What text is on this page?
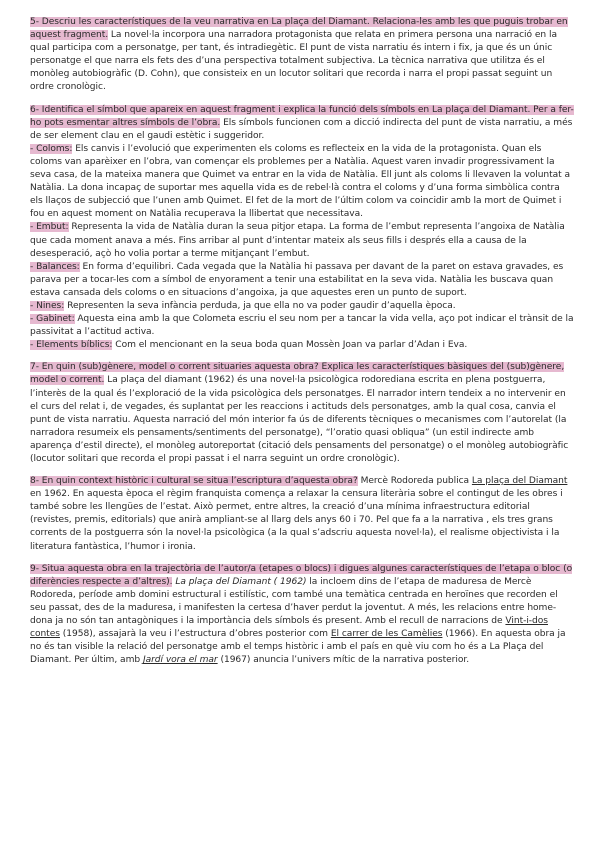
5- Descriu les característiques de la veu narrativa en La plaça del Diamant. Relaciona-les amb les que puguis trobar en aquest fragment. La novel·la incorpora una narradora protagonista que relata en primera persona una narració en la qual participa com a personatge, per tant, és intradiegètic. El punt de vista narratiu és intern i fix, ja que és un únic personatge el que narra els fets des d’una perspectiva totalment subjectiva. La tècnica narrativa que utilitza és el monòleg autobiogràfic (D. Cohn), que consisteix en un locutor solitari que recorda i narra el propi passat seguint un ordre cronològic.

6- Identifica el símbol que apareix en aquest fragment i explica la funció dels símbols en La plaça del Diamant. Per a fer-ho pots esmentar altres símbols de l’obra. Els símbols funcionen com a dicció indirecta del punt de vista narratiu, a més de ser element clau en el gaudi estètic i suggeridor.
- Coloms: Els canvis i l’evolució que experimenten els coloms es reflecteix en la vida de la protagonista. Quan els coloms van aparèixer en l’obra, van començar els problemes per a Natàlia. Aquest varen invadir progressivament la seva casa, de la mateixa manera que Quimet va entrar en la vida de Natàlia. Ell junt als coloms li llevaven la voluntat a Natàlia. La dona incapaç de suportar mes aquella vida es de rebel·là contra el coloms y d’una forma simbòlica contra els llaços de subjecció que l’unen amb Quimet. El fet de la mort de l’últim colom va coincidir amb la mort de Quimet i fou en aquest moment on Natàlia recuperava la llibertat que necessitava.
- Embut: Representa la vida de Natàlia duran la seua pitjor etapa. La forma de l’embut representa l’angoixa de Natàlia que cada moment anava a més. Fins arribar al punt d’intentar mateix als seus fills i després ella a causa de la desesperació, açò ho volia portar a terme mitjançant l’embut.
- Balances: En forma d’equilibri. Cada vegada que la Natàlia hi passava per davant de la paret on estava gravades, es parava per a tocar-les com a símbol de enyorament a tenir una estabilitat en la seva vida. Natàlia les buscava quan estava cansada dels coloms o en situacions d’angoixa, ja que aquestes eren un punto de suport.
- Nines: Representen la seva infància perduda, ja que ella no va poder gaudir d’aquella època.
- Gabinet: Aquesta eina amb la que Colometa escriu el seu nom per a tancar la vida vella, aço pot indicar el trànsit de la passivitat a l’actitud activa.
- Elements bíblics: Com el mencionant en la seua boda quan Mossèn Joan va parlar d’Adan i Eva.

7- En quin (sub)gènere, model o corrent situaries aquesta obra? Explica les característiques bàsiques del (sub)gènere, model o corrent. La plaça del diamant (1962) és una novel·la psicològica rodorediana escrita en plena postguerra, l’interès de la qual és l’exploració de la vida psicològica dels personatges. El narrador intern tendeix a no intervenir en el curs del relat i, de vegades, és suplantat per les reaccions i actituds dels personatges, amb la qual cosa, canvia el punt de vista narratiu. Aquesta narració del món interior fa ús de diferents tècniques o mecanismes com l’autorelat (la narradora resumeix els pensaments/sentiments del personatge), “l’oratio quasi obliqua” (un estil indirecte amb aparença d’estil directe), el monòleg autoreportat (citació dels pensaments del personatge) o el monòleg autobiogràfic (locutor solitari que recorda el propi passat i el narra seguint un ordre cronològic).

8- En quin context històric i cultural se situa l’escriptura d’aquesta obra? Mercè Rodoreda publica La plaça del Diamant en 1962. En aquesta època el règim franquista comença a relaxar la censura literària sobre el contingut de les obres i també sobre les llengües de l’estat. Això permet, entre altres, la creació d’una mínima infraestructura editorial (revistes, premis, editorials) que anirà ampliant-se al llarg dels anys 60 i 70. Pel que fa a la narrativa , els tres grans corrents de la postguerra són la novel·la psicològica (a la qual s’adscriu aquesta novel·la), el realisme objectivista i la literatura fantàstica, l’humor i ironia.

9- Situa aquesta obra en la trajectòria de l’autor/a (etapes o blocs) i digues algunes característiques de l’etapa o bloc (o diferències respecte a d’altres). La plaça del Diamant ( 1962) la incloem dins de l’etapa de maduresa de Mercè Rodoreda, període amb domini estructural i estilístic, com també una temàtica centrada en heroïnes que recorden el seu passat, des de la maduresa, i manifesten la certesa d’haver perdut la joventut. A més, les relacions entre home-dona ja no són tan antagòniques i la importància dels símbols és present. Amb el recull de narracions de Vint-i-dos contes (1958), assajarà la veu i l’estructura d’obres posterior com El carrer de les Camèlies (1966). En aquesta obra ja no és tan visible la relació del personatge amb el temps històric i amb el país en què viu com ho és a La Plaça del Diamant. Per últim, amb Jardí vora el mar (1967) anuncia l’univers mític de la narrativa posterior.
